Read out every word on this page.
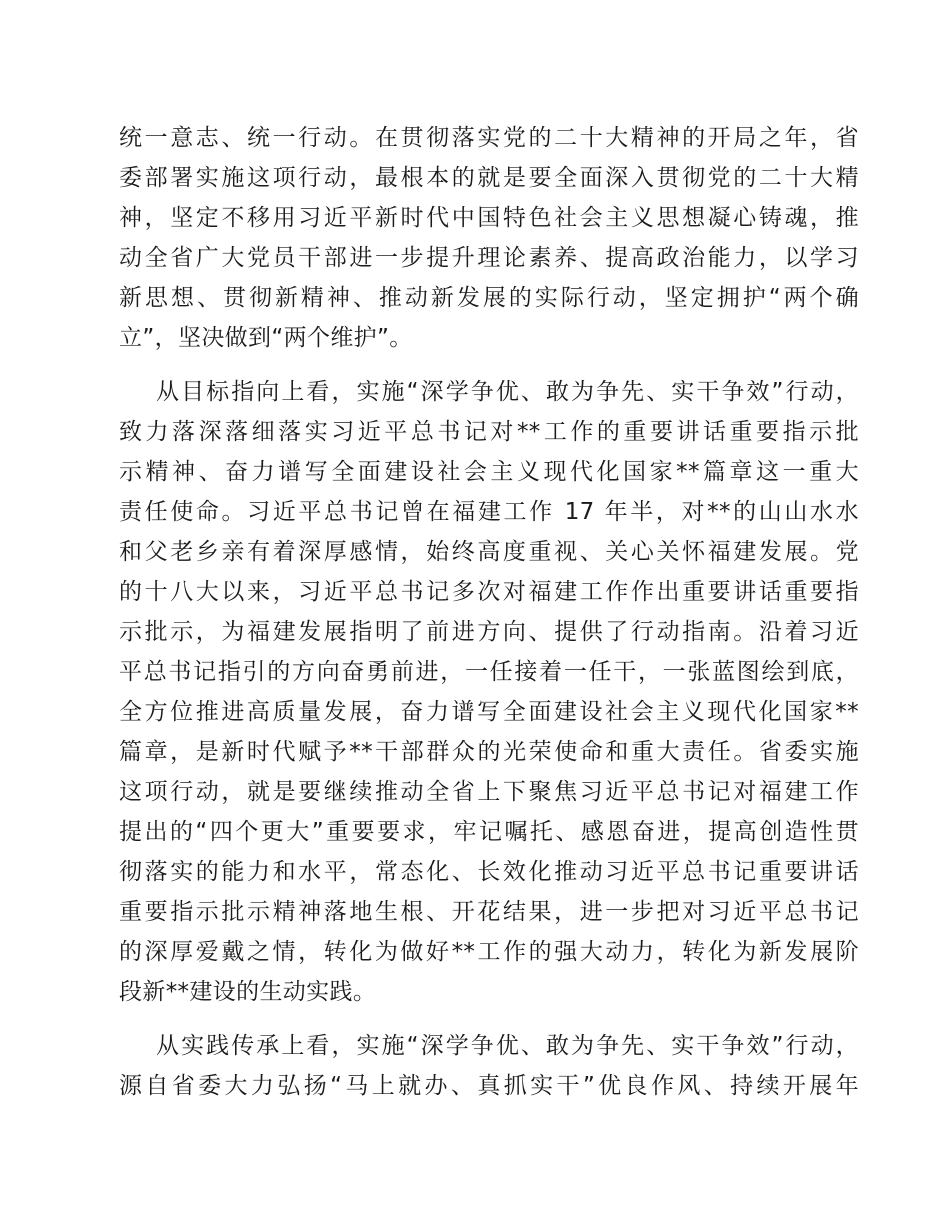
统一意志、统一行动。在贯彻落实党的二十大精神的开局之年，省
委部署实施这项行动，最根本的就是要全面深入贯彻党的二十大精
神，坚定不移用习近平新时代中国特色社会主义思想凝心铸魂，推
动全省广大党员干部进一步提升理论素养、提高政治能力，以学习
新思想、贯彻新精神、推动新发展的实际行动，坚定拥护“两个确
立”，坚决做到“两个维护”。
从目标指向上看，实施“深学争优、敢为争先、实干争效”行动，
致力落深落细落实习近平总书记对**工作的重要讲话重要指示批
示精神、奋力谱写全面建设社会主义现代化国家**篇章这一重大
责任使命。习近平总书记曾在福建工作 17 年半，对**的山山水水
和父老乡亲有着深厚感情，始终高度重视、关心关怀福建发展。党
的十八大以来，习近平总书记多次对福建工作作出重要讲话重要指
示批示，为福建发展指明了前进方向、提供了行动指南。沿着习近
平总书记指引的方向奋勇前进，一任接着一任干，一张蓝图绘到底，
全方位推进高质量发展，奋力谱写全面建设社会主义现代化国家**
篇章，是新时代赋予**干部群众的光荣使命和重大责任。省委实施
这项行动，就是要继续推动全省上下聚焦习近平总书记对福建工作
提出的“四个更大”重要要求，牢记嘱托、感恩奋进，提高创造性贯
彻落实的能力和水平，常态化、长效化推动习近平总书记重要讲话
重要指示批示精神落地生根、开花结果，进一步把对习近平总书记
的深厚爱戴之情，转化为做好**工作的强大动力，转化为新发展阶
段新**建设的生动实践。
从实践传承上看，实施“深学争优、敢为争先、实干争效”行动，
源自省委大力弘扬“马上就办、真抓实干”优良作风、持续开展年
